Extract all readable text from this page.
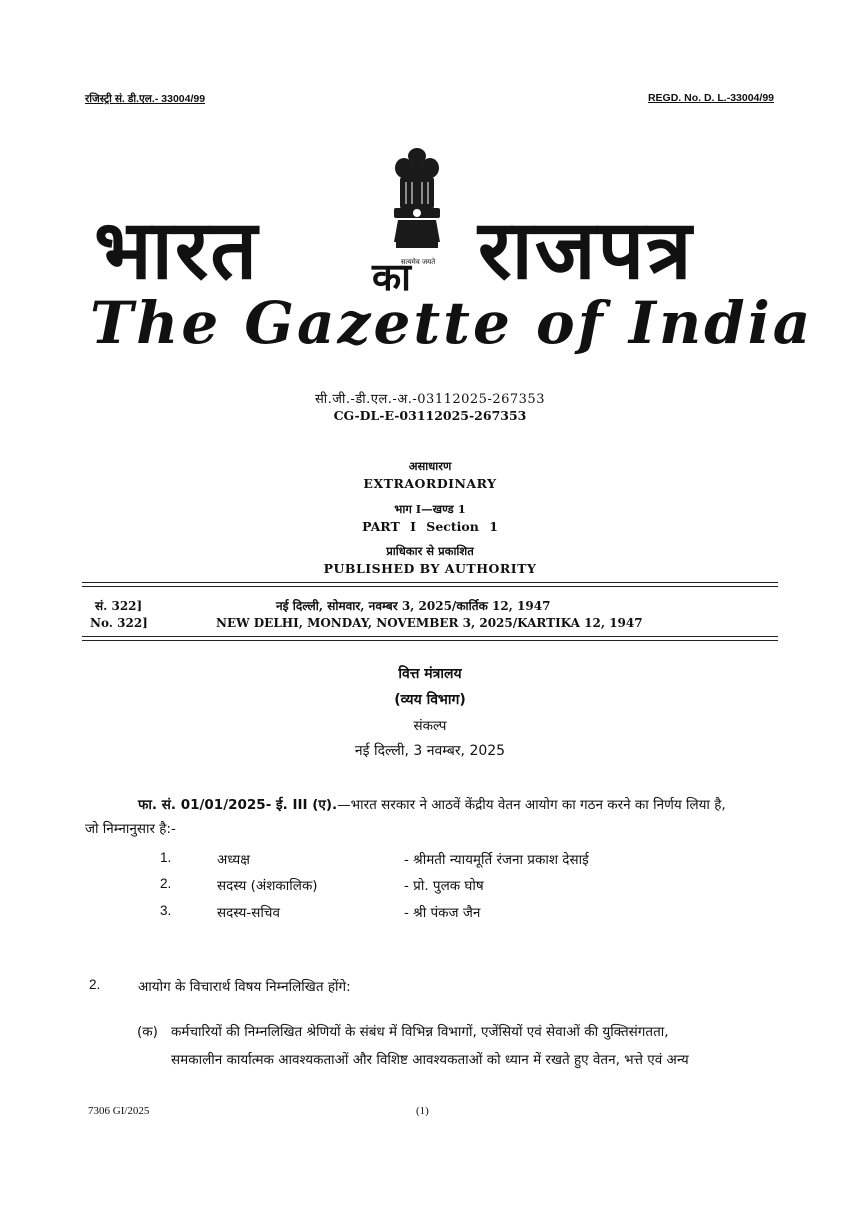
रजिस्ट्री सं. डी.एल.- 33004/99	REGD. No. D. L.-33004/99
सत्यमेव जयते
भारत	का राजपत्र
The Gazette of India
सी.जी.-डी.एल.-अ.-03112025-267353
CG-DL-E-03112025-267353
असाधारण
EXTRAORDINARY
भाग I—खण्ड 1
PART I Section 1
प्राधिकार से प्रकाशित
PUBLISHED BY AUTHORITY
सं. 322]	नई दिल्ली, सोमवार, नवम्बर 3, 2025/कार्तिक 12, 1947
No. 322]	NEW DELHI, MONDAY, NOVEMBER 3, 2025/KARTIKA 12, 1947
वित्त मंत्रालय
(व्यय विभाग)
संकल्प
नई दिल्ली, 3 नवम्बर, 2025
फा. सं. 01/01/2025- ई. III (ए).—भारत सरकार ने आठवें केंद्रीय वेतन आयोग का गठन करने का निर्णय लिया है,
जो निम्नानुसार है:-
1.	अध्यक्ष	- श्रीमती न्यायमूर्ति रंजना प्रकाश देसाई
2.	सदस्य (अंशकालिक)	- प्रो. पुलक घोष
3.	सदस्य-सचिव	- श्री पंकज जैन
2.	आयोग के विचारार्थ विषय निम्नलिखित होंगे:
(क) कर्मचारियों की निम्नलिखित श्रेणियों के संबंध में विभिन्न विभागों, एजेंसियों एवं सेवाओं की युक्तिसंगतता,
समकालीन कार्यात्मक आवश्यकताओं और विशिष्ट आवश्यकताओं को ध्यान में रखते हुए वेतन, भत्ते एवं अन्य
7306 GI/2025	(1)
